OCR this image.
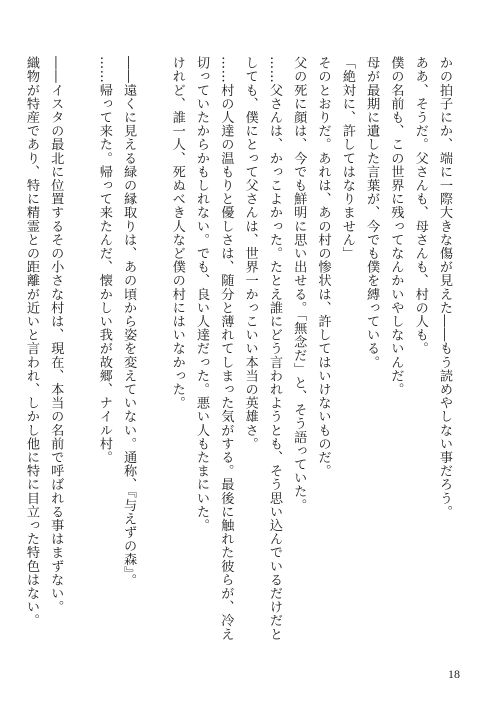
かの拍子にか、端に一際大きな傷が見えた――もう読めやしない事だろう。
ああ、そうだ。父さんも、母さんも、村の人も。
僕の名前も、この世界に残ってなんかいやしないんだ。
母が最期に遺した言葉が、今でも僕を縛っている。
「絶対に、許してはなりません」
そのとおりだ。あれは、あの村の惨状は、許してはいけないものだ。
父の死に顔は、今でも鮮明に思い出せる。「無念だ」と、そう語っていた。
……父さんは、かっこよかった。たとえ誰にどう言われようとも、そう思い込んでいるだけだと
しても、僕にとって父さんは、世界一かっこいい本当の英雄さ。
……村の人達の温もりと優しさは、随分と薄れてしまった気がする。最後に触れた彼らが、冷え
切っていたからかもしれない。でも、良い人達だった。悪い人もたまにいた。
けれど、誰一人、死ぬべき人など僕の村にはいなかった。

――遠くに見える緑の縁取りは、あの頃から姿を変えていない。通称、『与えずの森』。
……帰って来た。帰って来たんだ、懐かしい我が故郷、ナイル村。

――イスタの最北に位置するその小さな村は、現在、本当の名前で呼ばれる事はまずない。
織物が特産であり、特に精霊との距離が近いと言われ、しかし他に特に目立った特色はない。
18
